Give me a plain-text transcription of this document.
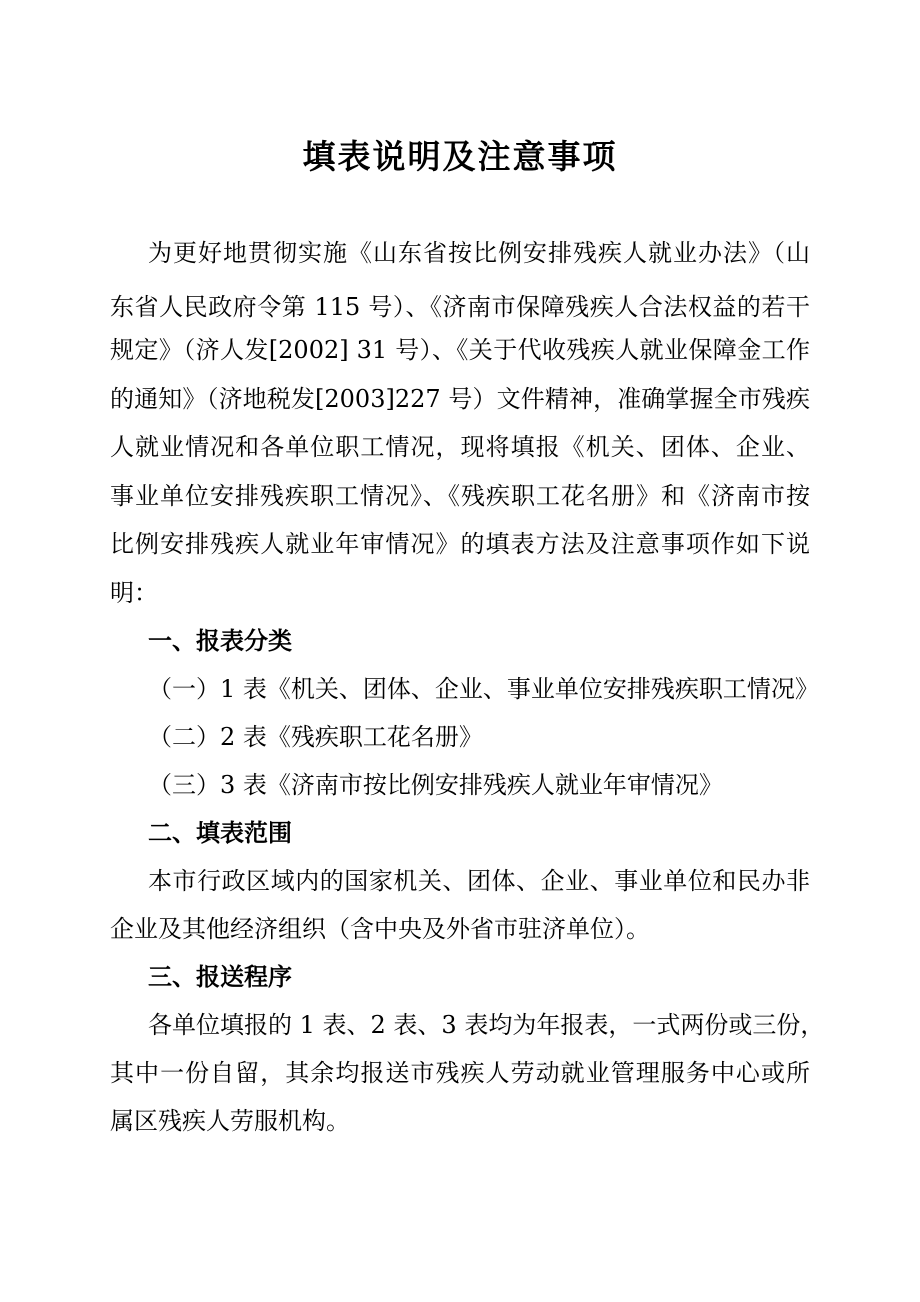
填表说明及注意事项
为更好地贯彻实施《山东省按比例安排残疾人就业办法》（山
东省人民政府令第 115 号）、《济南市保障残疾人合法权益的若干
规定》（济人发[2002] 31 号）、《关于代收残疾人就业保障金工作
的通知》（济地税发[2003]227 号）文件精神，准确掌握全市残疾
人就业情况和各单位职工情况，现将填报《机关、团体、企业、
事业单位安排残疾职工情况》、《残疾职工花名册》和《济南市按
比例安排残疾人就业年审情况》的填表方法及注意事项作如下说
明：
一、报表分类
（一）1 表《机关、团体、企业、事业单位安排残疾职工情况》
（二）2 表《残疾职工花名册》
（三）3 表《济南市按比例安排残疾人就业年审情况》
二、填表范围
本市行政区域内的国家机关、团体、企业、事业单位和民办非
企业及其他经济组织（含中央及外省市驻济单位）。
三、报送程序
各单位填报的 1 表、2 表、3 表均为年报表，一式两份或三份，
其中一份自留，其余均报送市残疾人劳动就业管理服务中心或所
属区残疾人劳服机构。
